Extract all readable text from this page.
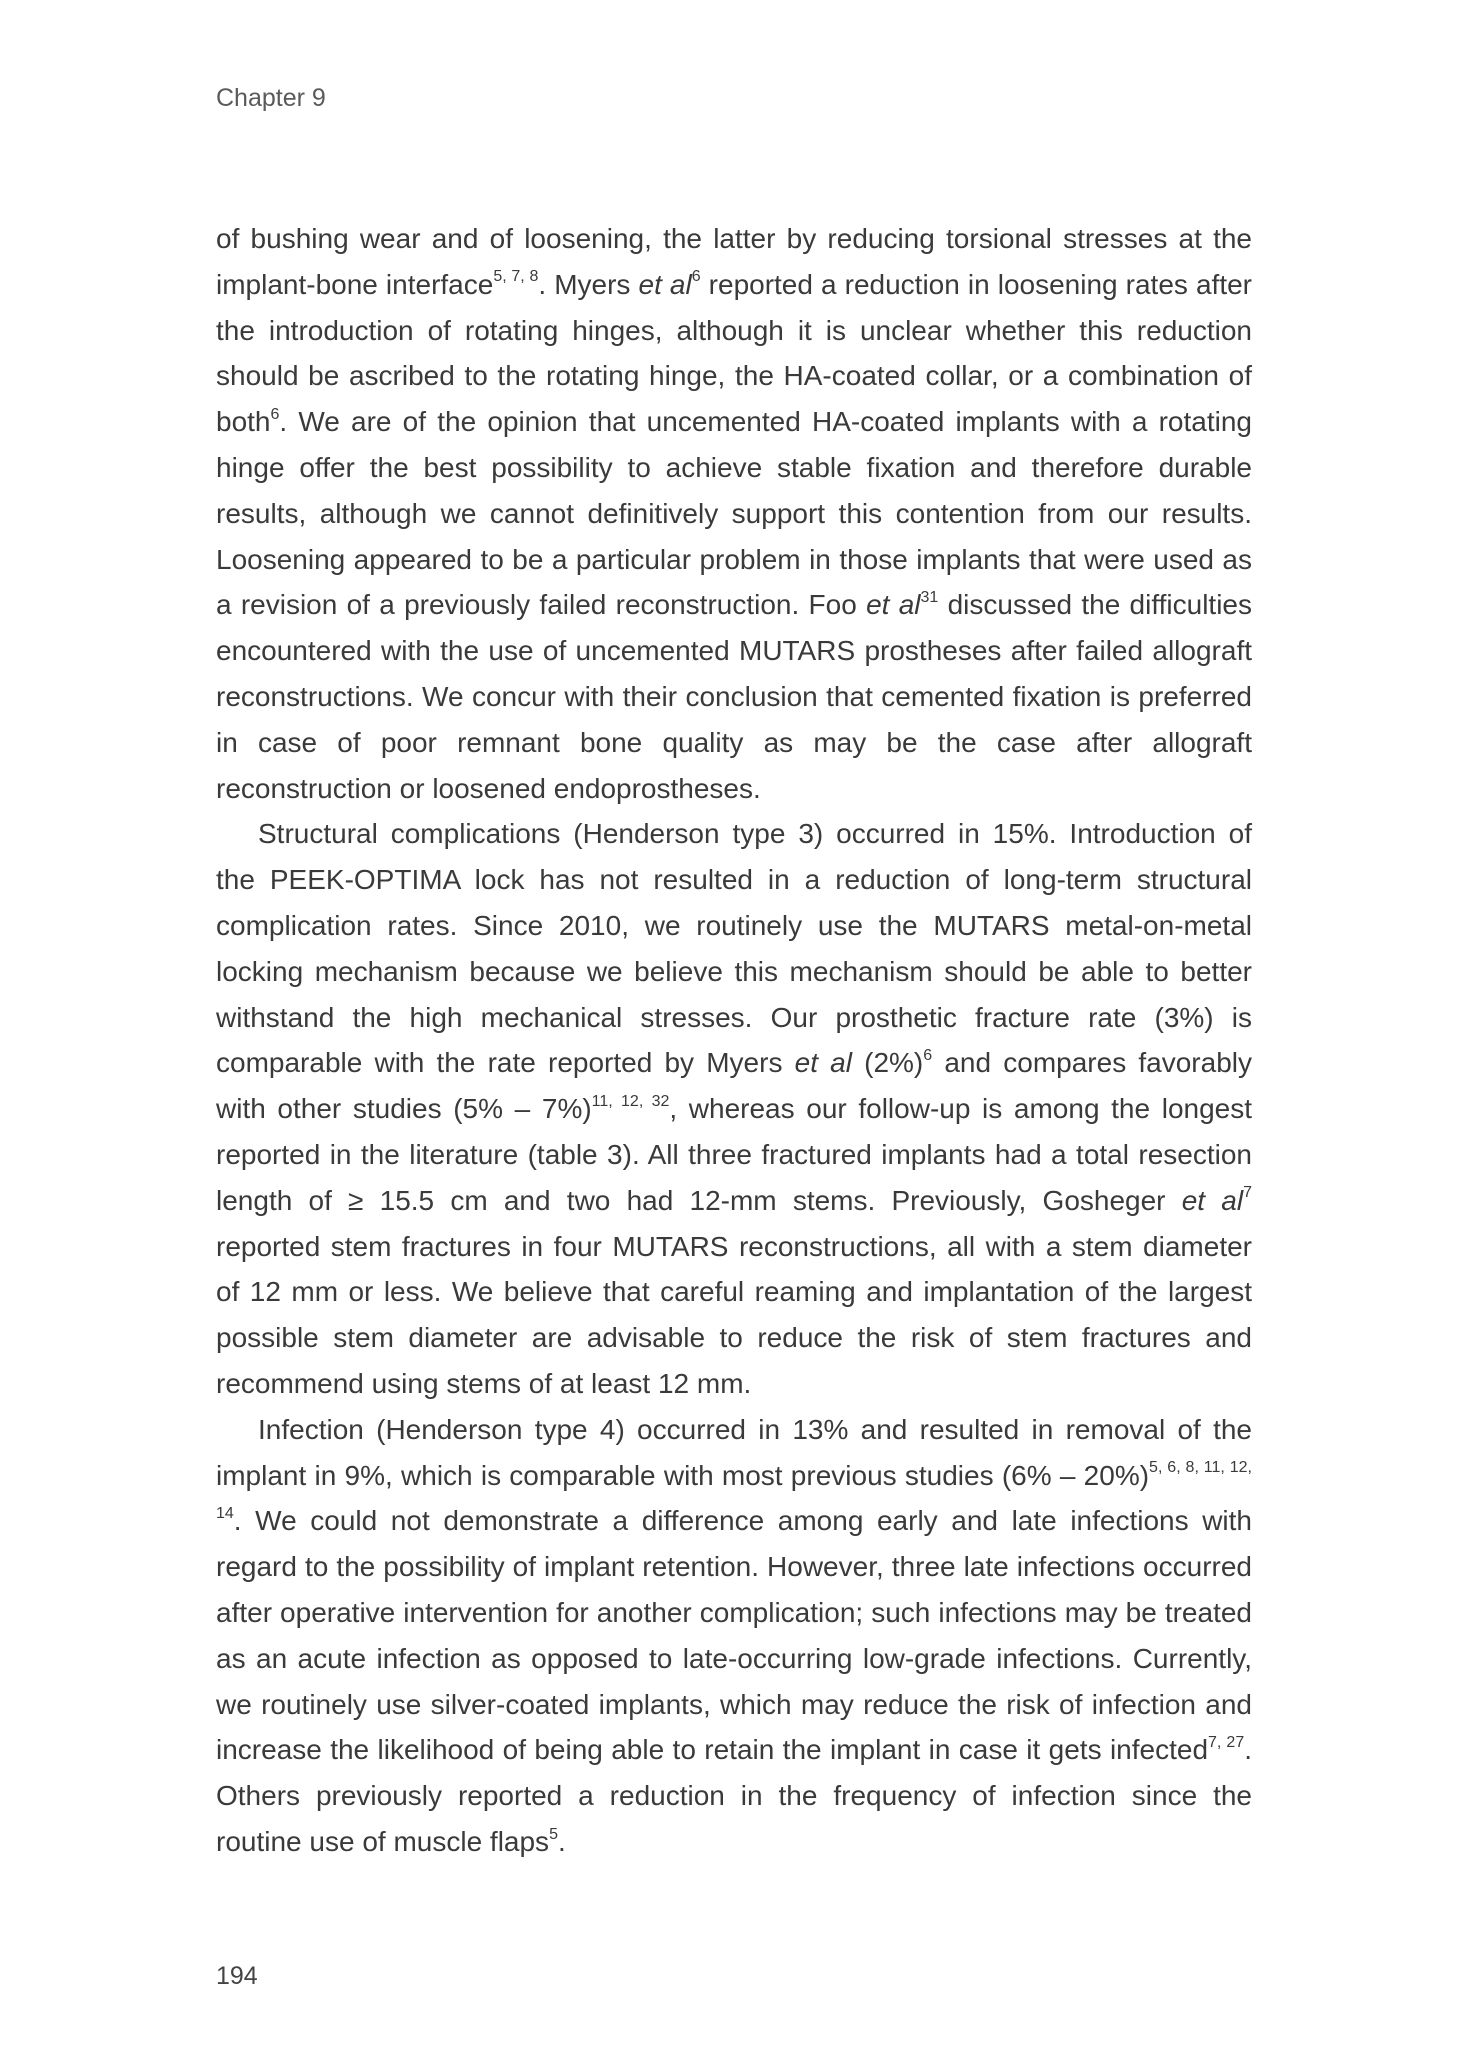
Chapter 9

of bushing wear and of loosening, the latter by reducing torsional stresses at the implant-bone interface$^{5, 7, 8}$. Myers et $al^6$ reported a reduction in loosening rates after the introduction of rotating hinges, although it is unclear whether this reduction should be ascribed to the rotating hinge, the HA-coated collar, or a combination of both$^6$. We are of the opinion that uncemented HA-coated implants with a rotating hinge offer the best possibility to achieve stable fixation and therefore durable results, although we cannot definitively support this contention from our results. Loosening appeared to be a particular problem in those implants that were used as a revision of a previously failed reconstruction. Foo et $al^{31}$ discussed the difficulties encountered with the use of uncemented MUTARS prostheses after failed allograft reconstructions. We concur with their conclusion that cemented fixation is preferred in case of poor remnant bone quality as may be the case after allograft reconstruction or loosened endoprostheses.

Structural complications (Henderson type 3) occurred in 15%. Introduction of the PEEK-OPTIMA lock has not resulted in a reduction of long-term structural complication rates. Since 2010, we routinely use the MUTARS metal-on-metal locking mechanism because we believe this mechanism should be able to better withstand the high mechanical stresses. Our prosthetic fracture rate (3%) is comparable with the rate reported by Myers et al $(2\%)^6$ and compares favorably with other studies (5% – 7%)$^{11, 12, 32}$, whereas our follow-up is among the longest reported in the literature (table 3). All three fractured implants had a total resection length of ≥ 15.5 cm and two had 12-mm stems. Previously, Gosheger et $al^7$ reported stem fractures in four MUTARS reconstructions, all with a stem diameter of 12 mm or less. We believe that careful reaming and implantation of the largest possible stem diameter are advisable to reduce the risk of stem fractures and recommend using stems of at least 12 mm.

Infection (Henderson type 4) occurred in 13% and resulted in removal of the implant in 9%, which is comparable with most previous studies (6% – 20%)$^{5, 6, 8, 11, 12, 14}$. We could not demonstrate a difference among early and late infections with regard to the possibility of implant retention. However, three late infections occurred after operative intervention for another complication; such infections may be treated as an acute infection as opposed to late-occurring low-grade infections. Currently, we routinely use silver-coated implants, which may reduce the risk of infection and increase the likelihood of being able to retain the implant in case it gets infected$^{7, 27}$. Others previously reported a reduction in the frequency of infection since the routine use of muscle flaps$^5$.

194
